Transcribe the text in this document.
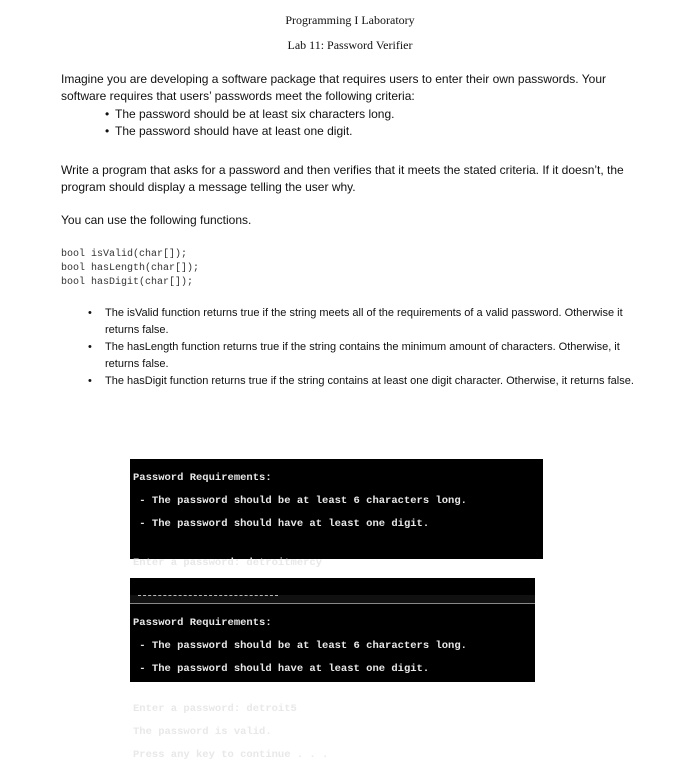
Programming I Laboratory
Lab 11: Password Verifier
Imagine you are developing a software package that requires users to enter their own passwords. Your software requires that users’ passwords meet the following criteria:
• The password should be at least six characters long.
• The password should have at least one digit.
Write a program that asks for a password and then verifies that it meets the stated criteria. If it doesn’t, the program should display a message telling the user why.
You can use the following functions.
bool isValid(char[]);
bool hasLength(char[]);
bool hasDigit(char[]);
• The isValid function returns true if the string meets all of the requirements of a valid password. Otherwise it returns false.
• The hasLength function returns true if the string contains the minimum amount of characters. Otherwise, it returns false.
• The hasDigit function returns true if the string contains at least one digit character. Otherwise, it returns false.

Password Requirements:

- The password should be at least 6 characters long.

- The password should have at least one digit.

Enter a password: detroitmercy

Password Requirements:

- The password should be at least 6 characters long.

- The password should have at least one digit.

Enter a password: detroit5

The password is valid.

Press any key to continue . . .
